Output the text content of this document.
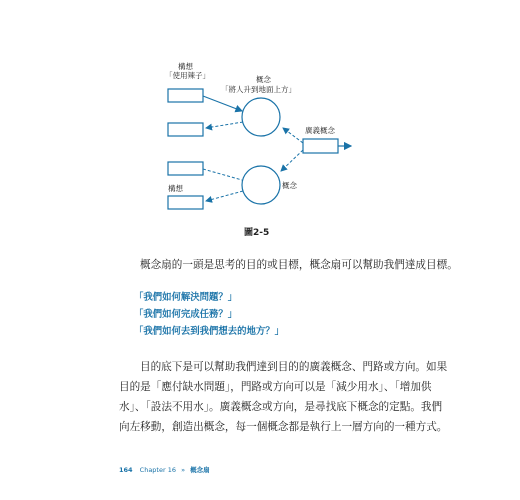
構想
「使用辣子」	概念
「將人升到地面上方」
廣義概念
概念
構想
圖2-5
概念扇的一頭是思考的目的或目標，概念扇可以幫助我們達成目標。
「我們如何解決問題？」
「我們如何完成任務？」
「我們如何去到我們想去的地方？」
目的底下是可以幫助我們達到目的的廣義概念、門路或方向。如果
目的是「應付缺水問題」，門路或方向可以是「減少用水」、「增加供
水」、「設法不用水」。廣義概念或方向，是尋找底下概念的定點。我們
向左移動，創造出概念，每一個概念都是執行上一層方向的一種方式。
164 Chapter 16 » 概念扇
